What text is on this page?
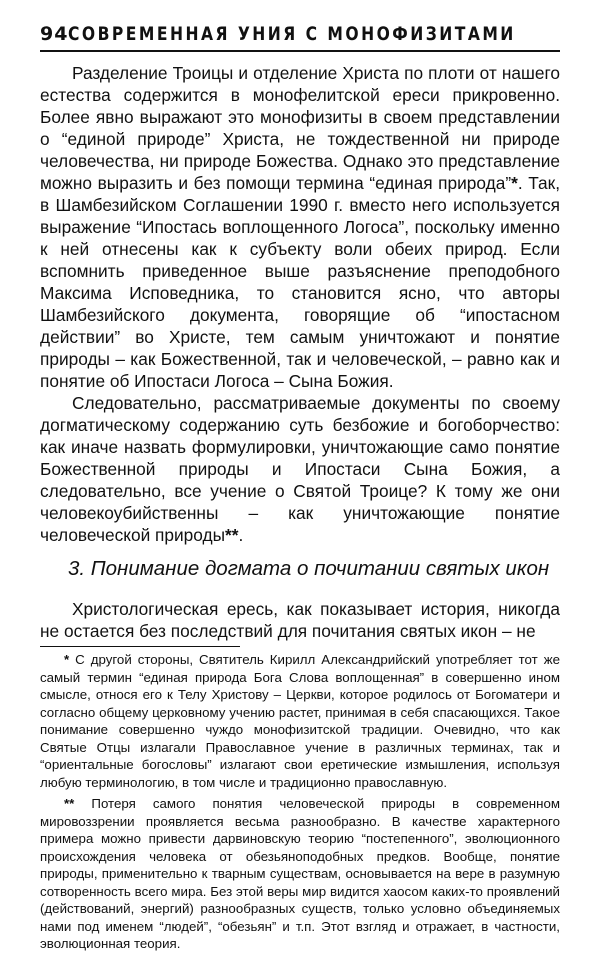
94 СОВРЕМЕННАЯ УНИЯ С МОНОФИЗИТАМИ

Разделение Троицы и отделение Христа по плоти от нашего естества содержится в монофелитской ереси прикровенно. Более явно выражают это монофизиты в своем представлении о “единой природе” Христа, не тождественной ни природе человечества, ни природе Божества. Однако это представление можно выразить и без помощи термина “единая природа”*. Так, в Шамбезийском Соглашении 1990 г. вместо него используется выражение “Ипостась воплощенного Логоса”, поскольку именно к ней отнесены как к субъекту воли обеих природ. Если вспомнить приведенное выше разъяснение преподобного Максима Исповедника, то становится ясно, что авторы Шамбезийского документа, говорящие об “ипостасном действии” во Христе, тем самым уничтожают и понятие природы – как Божественной, так и человеческой, – равно как и понятие об Ипостаси Логоса – Сына Божия.

Следовательно, рассматриваемые документы по своему догматическому содержанию суть безбожие и богоборчество: как иначе назвать формулировки, уничтожающие само понятие Божественной природы и Ипостаси Сына Божия, а следовательно, все учение о Святой Троице? К тому же они человекоубийственны – как уничтожающие понятие человеческой природы**.

3. Понимание догмата о почитании святых икон

Христологическая ересь, как показывает история, никогда не остается без последствий для почитания святых икон – не

* С другой стороны, Святитель Кирилл Александрийский употребляет тот же самый термин “единая природа Бога Слова воплощенная” в совершенно ином смысле, относя его к Телу Христову – Церкви, которое родилось от Богоматери и согласно общему церковному учению растет, принимая в себя спасающихся. Такое понимание совершенно чуждо монофизитской традиции. Очевидно, что как Святые Отцы излагали Православное учение в различных терминах, так и “ориентальные богословы” излагают свои еретические измышления, используя любую терминологию, в том числе и традиционно православную.

** Потеря самого понятия человеческой природы в современном мировоззрении проявляется весьма разнообразно. В качестве характерного примера можно привести дарвиновскую теорию “постепенного”, эволюционного происхождения человека от обезьяноподобных предков. Вообще, понятие природы, применительно к тварным существам, основывается на вере в разумную сотворенность всего мира. Без этой веры мир видится хаосом каких-то проявлений (действований, энергий) разнообразных существ, только условно объединяемых нами под именем “людей”, “обезьян” и т.п. Этот взгляд и отражает, в частности, эволюционная теория.
